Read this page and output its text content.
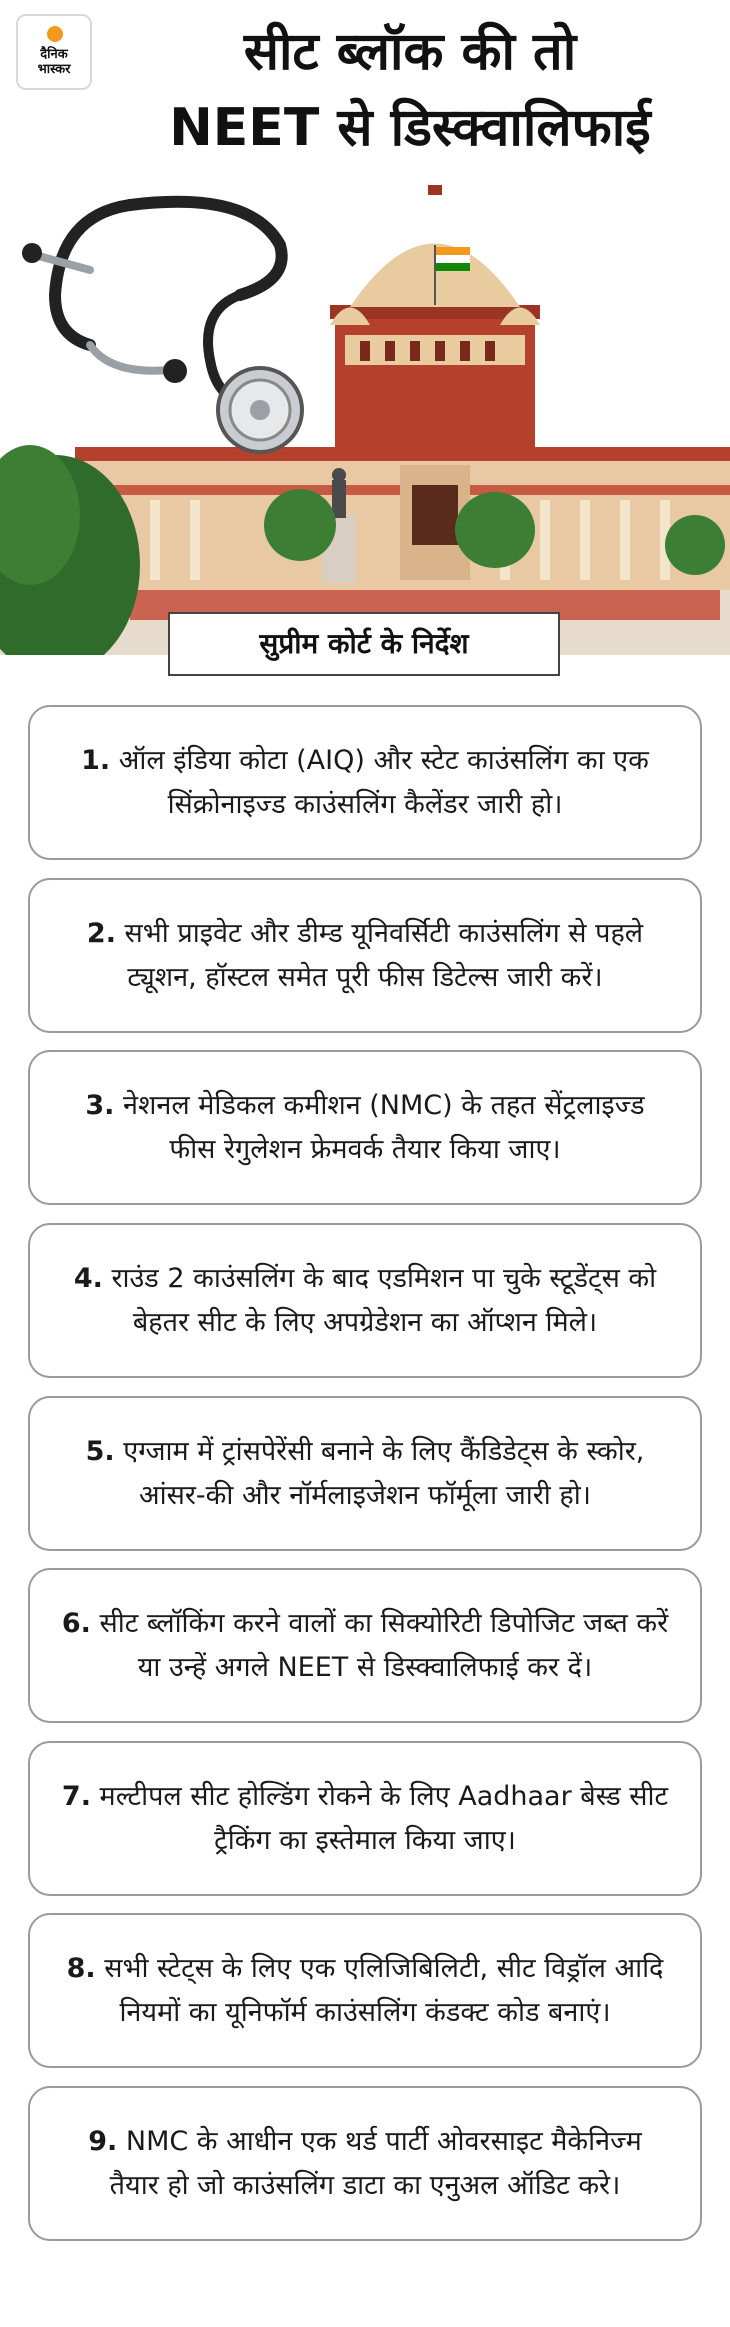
दैनिक
भास्कर	सीट ब्लॉक की तो
NEET से डिस्क्वालिफाई
सुप्रीम कोर्ट के निर्देश
1. ऑल इंडिया कोटा (AIQ) और स्टेट काउंसलिंग का एक सिंक्रोनाइज्ड काउंसलिंग कैलेंडर जारी हो।
2. सभी प्राइवेट और डीम्ड यूनिवर्सिटी काउंसलिंग से पहले ट्यूशन, हॉस्टल समेत पूरी फीस डिटेल्स जारी करें।
3. नेशनल मेडिकल कमीशन (NMC) के तहत सेंट्रलाइज्ड फीस रेगुलेशन फ्रेमवर्क तैयार किया जाए।
4. राउंड 2 काउंसलिंग के बाद एडमिशन पा चुके स्टूडेंट्स को बेहतर सीट के लिए अपग्रेडेशन का ऑप्शन मिले।
5. एग्जाम में ट्रांसपेरेंसी बनाने के लिए कैंडिडेट्स के स्कोर, आंसर-की और नॉर्मलाइजेशन फॉर्मूला जारी हो।
6. सीट ब्लॉकिंग करने वालों का सिक्योरिटी डिपोजिट जब्त करें या उन्हें अगले NEET से डिस्क्वालिफाई कर दें।
7. मल्टीपल सीट होल्डिंग रोकने के लिए Aadhaar बेस्ड सीट ट्रैकिंग का इस्तेमाल किया जाए।
8. सभी स्टेट्स के लिए एक एलिजिबिलिटी, सीट विड्रॉल आदि नियमों का यूनिफॉर्म काउंसलिंग कंडक्ट कोड बनाएं।
9. NMC के आधीन एक थर्ड पार्टी ओवरसाइट मैकेनिज्म तैयार हो जो काउंसलिंग डाटा का एनुअल ऑडिट करे।
